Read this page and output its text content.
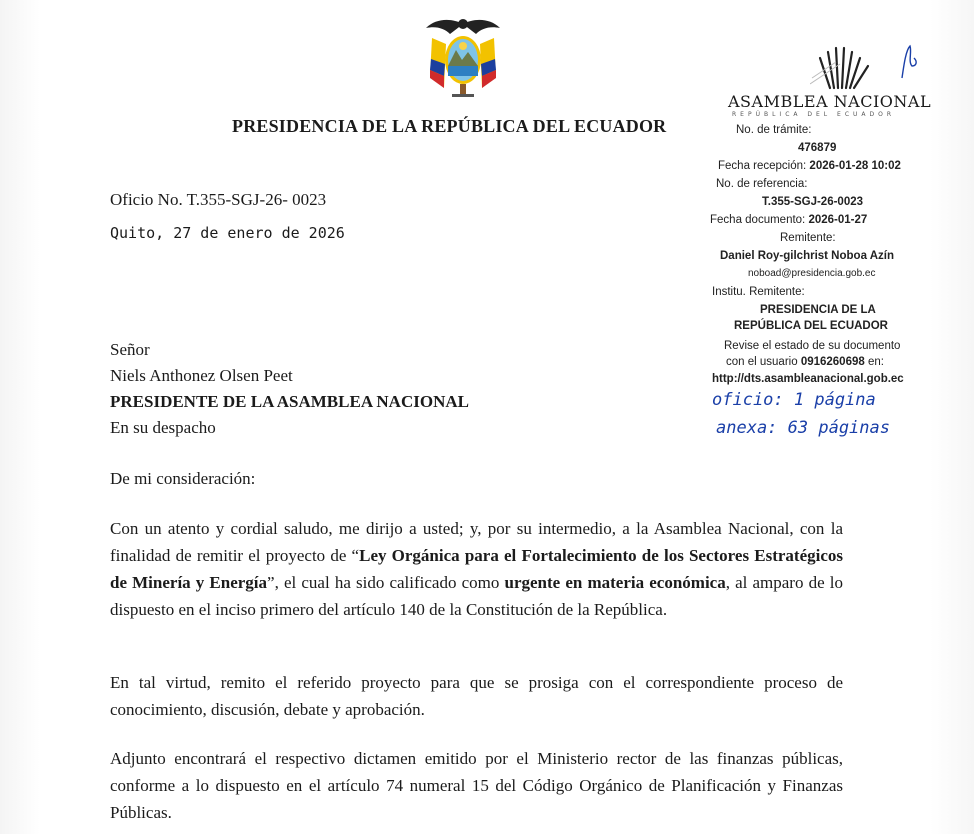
PRESIDENCIA DE LA REPÚBLICA DEL ECUADOR
Oficio No. T.355-SGJ-26- 0023
Quito, 27 de enero de 2026
Señor
Niels Anthonez Olsen Peet
PRESIDENTE DE LA ASAMBLEA NACIONAL
En su despacho
De mi consideración:
Con un atento y cordial saludo, me dirijo a usted; y, por su intermedio, a la Asamblea Nacional, con la finalidad de remitir el proyecto de “Ley Orgánica para el Fortalecimiento de los Sectores Estratégicos de Minería y Energía”, el cual ha sido calificado como urgente en materia económica, al amparo de lo dispuesto en el inciso primero del artículo 140 de la Constitución de la República.
En tal virtud, remito el referido proyecto para que se prosiga con el correspondiente proceso de conocimiento, discusión, debate y aprobación.
Adjunto encontrará el respectivo dictamen emitido por el Ministerio rector de las finanzas públicas, conforme a lo dispuesto en el artículo 74 numeral 15 del Código Orgánico de Planificación y Finanzas Públicas.
ASAMBLEA NACIONAL
REPÚBLICA DEL ECUADOR
No. de trámite:
476879
Fecha recepción: 2026-01-28 10:02
No. de referencia:
T.355-SGJ-26-0023
Fecha documento: 2026-01-27
Remitente:
Daniel Roy-gilchrist Noboa Azín
noboad@presidencia.gob.ec
Institu. Remitente:
PRESIDENCIA DE LA
REPÚBLICA DEL ECUADOR
Revise el estado de su documento
con el usuario 0916260698 en:
http://dts.asambleanacional.gob.ec
oficio: 1 página
anexa: 63 páginas
